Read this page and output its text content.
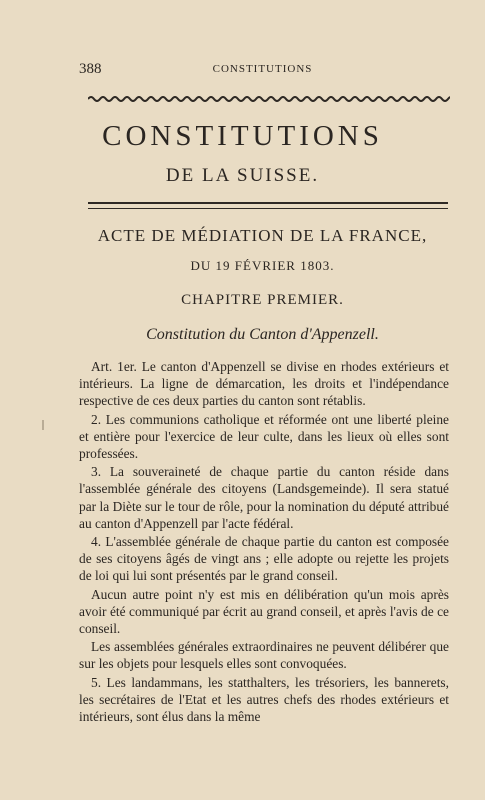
388	CONSTITUTIONS
CONSTITUTIONS
DE LA SUISSE.
ACTE DE MÉDIATION DE LA FRANCE,
DU 19 FÉVRIER 1803.
CHAPITRE PREMIER.
Constitution du Canton d'Appenzell.

Art. 1er. Le canton d'Appenzell se divise en rhodes extérieurs et intérieurs. La ligne de démarcation, les droits et l'indépendance respective de ces deux parties du canton sont rétablis.

2. Les communions catholique et réformée ont une liberté pleine et entière pour l'exercice de leur culte, dans les lieux où elles sont professées.

3. La souveraineté de chaque partie du canton réside dans l'assemblée générale des citoyens (Landsgemeinde). Il sera statué par la Diète sur le tour de rôle, pour la nomination du député attribué au canton d'Appenzell par l'acte fédéral.

4. L'assemblée générale de chaque partie du canton est composée de ses citoyens âgés de vingt ans ; elle adopte ou rejette les projets de loi qui lui sont présentés par le grand conseil.

Aucun autre point n'y est mis en délibération qu'un mois après avoir été communiqué par écrit au grand conseil, et après l'avis de ce conseil.

Les assemblées générales extraordinaires ne peuvent délibérer que sur les objets pour lesquels elles sont convoquées.

5. Les landammans, les statthalters, les trésoriers, les bannerets, les secrétaires de l'Etat et les autres chefs des rhodes extérieurs et intérieurs, sont élus dans la même
